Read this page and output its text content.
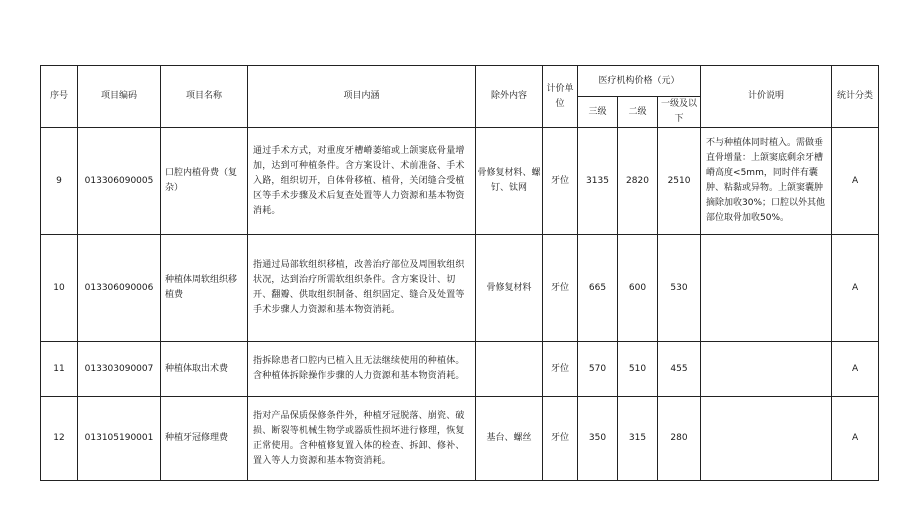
序号	项目编码	项目名称	项目内涵	除外内容	计价单位	医疗机构价格（元）			计价说明	统计分类
						三级	二级	一级及以下		
9	013306090005	口腔内植骨费（复杂）	通过手术方式，对重度牙槽嵴萎缩或上颌窦底骨量增加，达到可种植条件。含方案设计、术前准备、手术入路，组织切开，自体骨移植、植骨，关闭缝合受植区等手术步骤及术后复查处置等人力资源和基本物资消耗。	骨修复材料、螺钉、钛网	牙位	3135	2820	2510	不与种植体同时植入。需做垂直骨增量：上颌窦底剩余牙槽嵴高度<5mm，同时伴有囊肿、粘黏或异物。上颌窦囊肿摘除加收30%；口腔以外其他部位取骨加收50%。	A
10	013306090006	种植体周软组织移植费	指通过局部软组织移植，改善治疗部位及周围软组织状况，达到治疗所需软组织条件。含方案设计、切开、翻瓣、供取组织制备、组织固定、缝合及处置等手术步骤人力资源和基本物资消耗。	骨修复材料	牙位	665	600	530		A
11	013303090007	种植体取出术费	指拆除患者口腔内已植入且无法继续使用的种植体。含种植体拆除操作步骤的人力资源和基本物资消耗。		牙位	570	510	455		A
12	013105190001	种植牙冠修理费	指对产品保质保修条件外，种植牙冠脱落、崩瓷、破损、断裂等机械生物学或器质性损坏进行修理，恢复正常使用。含种植修复置入体的检查、拆卸、修补、置入等人力资源和基本物资消耗。	基台、螺丝	牙位	350	315	280		A
